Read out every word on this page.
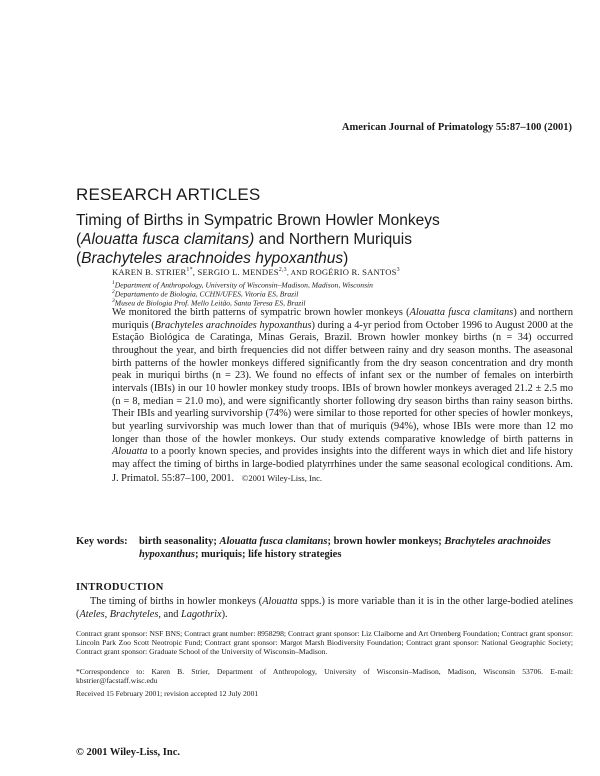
American Journal of Primatology 55:87–100 (2001)
RESEARCH ARTICLES
Timing of Births in Sympatric Brown Howler Monkeys
(Alouatta fusca clamitans) and Northern Muriquis
(Brachyteles arachnoides hypoxanthus)
KAREN B. $STRIER^{1*}$, SERGIO L. MENDES$^{2,3}$, AND ROGÉRIO R. SANTOS$^3$
$^1$Department of Anthropology, University of Wisconsin–Madison, Madison, Wisconsin
$^2$Departamento de Biologia, CCHN/UFES, Vitoria ES, Brazil
$^3$Museu de Biologia Prof. Mello Leitão, Santa Teresa ES, Brazil
We monitored the birth patterns of sympatric brown howler monkeys (Alouatta fusca clamitans) and northern muriquis (Brachyteles arachnoides hypoxanthus) during a 4-yr period from October 1996 to August 2000 at the Estação Biológica de Caratinga, Minas Gerais, Brazil. Brown howler monkey births (n = 34) occurred throughout the year, and birth frequencies did not differ between rainy and dry season months. The aseasonal birth patterns of the howler monkeys differed significantly from the dry season concentration and dry month peak in muriqui births (n = 23). We found no effects of infant sex or the number of females on interbirth intervals (IBIs) in our 10 howler monkey study troops. IBIs of brown howler monkeys averaged 21.2 ± 2.5 mo (n = 8, median = 21.0 mo), and were significantly shorter following dry season births than rainy season births. Their IBIs and yearling survivorship (74%) were similar to those reported for other species of howler monkeys, but yearling survivorship was much lower than that of muriquis (94%), whose IBIs were more than 12 mo longer than those of the howler monkeys. Our study extends comparative knowledge of birth patterns in Alouatta to a poorly known species, and provides insights into the different ways in which diet and life history may affect the timing of births in large-bodied platyrrhines under the same seasonal ecological conditions. Am. J. Primatol. 55:87–100, 2001. ©2001 Wiley-Liss, Inc.
Key words: birth seasonality; Alouatta fusca clamitans; brown howler monkeys; Brachyteles arachnoides hypoxanthus; muriquis; life history strategies
INTRODUCTION
The timing of births in howler monkeys (Alouatta spps.) is more variable than it is in the other large-bodied atelines (Ateles, Brachyteles, and Lagothrix).
Contract grant sponsor: NSF BNS; Contract grant number: 8958298; Contract grant sponsor: Liz Claiborne and Art Ortenberg Foundation; Contract grant sponsor: Lincoln Park Zoo Scott Neotropic Fund; Contract grant sponsor: Margot Marsh Biodiversity Foundation; Contract grant sponsor: National Geographic Society; Contract grant sponsor: Graduate School of the University of Wisconsin–Madison.
*Correspondence to: Karen B. Strier, Department of Anthropology, University of Wisconsin–Madison, Madison, Wisconsin 53706. E-mail: kbstrier@facstaff.wisc.edu
Received 15 February 2001; revision accepted 12 July 2001
© 2001 Wiley-Liss, Inc.
